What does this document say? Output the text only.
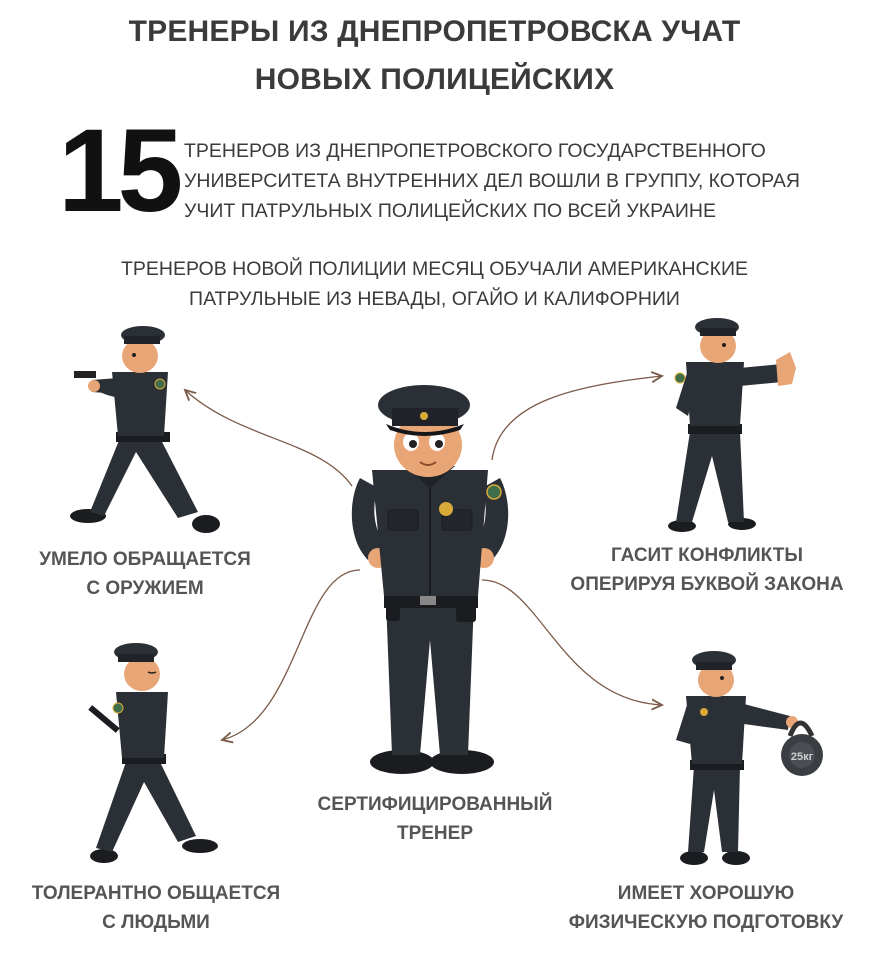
ТРЕНЕРЫ ИЗ ДНЕПРОПЕТРОВСКА УЧАТ
НОВЫХ ПОЛИЦЕЙСКИХ
15 ТРЕНЕРОВ ИЗ ДНЕПРОПЕТРОВСКОГО ГОСУДАРСТВЕННОГО
УНИВЕРСИТЕТА ВНУТРЕННИХ ДЕЛ ВОШЛИ В ГРУППУ, КОТОРАЯ
УЧИТ ПАТРУЛЬНЫХ ПОЛИЦЕЙСКИХ ПО ВСЕЙ УКРАИНЕ
ТРЕНЕРОВ НОВОЙ ПОЛИЦИИ МЕСЯЦ ОБУЧАЛИ АМЕРИКАНСКИЕ
ПАТРУЛЬНЫЕ ИЗ НЕВАДЫ, ОГАЙО И КАЛИФОРНИИ
25кг
УМЕЛО ОБРАЩАЕТСЯ
С ОРУЖИЕМ
ГАСИТ КОНФЛИКТЫ
ОПЕРИРУЯ БУКВОЙ ЗАКОНА
СЕРТИФИЦИРОВАННЫЙ
ТРЕНЕР
ТОЛЕРАНТНО ОБЩАЕТСЯ
С ЛЮДЬМИ
ИМЕЕТ ХОРОШУЮ
ФИЗИЧЕСКУЮ ПОДГОТОВКУ
